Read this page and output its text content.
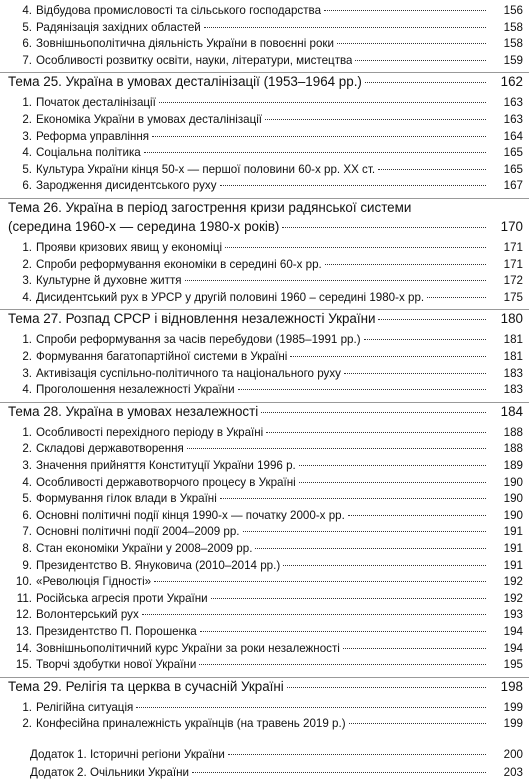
4. Відбудова промисловості та сільського господарства	156
5. Радянізація західних областей	158
6. Зовнішньополітична діяльність України в повоєнні роки	158
7. Особливості розвитку освіти, науки, літератури, мистецтва	159
Тема 25. Україна в умовах десталінізації (1953–1964 рр.)	162
1. Початок десталінізації	163
2. Економіка України в умовах десталінізації	163
3. Реформа управління	164
4. Соціальна політика	165
5. Культура України кінця 50-х — першої половини 60-х рр. ХХ ст.	165
6. Зародження дисидентського руху	167
Тема 26. Україна в період загострення кризи радянської системи
(середина 1960-х — середина 1980-х років)	170
1. Прояви кризових явищ у економіці	171
2. Спроби реформування економіки в середині 60-х рр.	171
3. Культурне й духовне життя	172
4. Дисидентський рух в УРСР у другій половині 1960 – середині 1980-х рр.	175
Тема 27. Розпад СРСР і відновлення незалежності України	180
1. Спроби реформування за часів перебудови (1985–1991 рр.)	181
2. Формування багатопартійної системи в Україні	181
3. Активізація суспільно-політичного та національного руху	183
4. Проголошення незалежності України	183
Тема 28. Україна в умовах незалежності	184
1. Особливості перехідного періоду в Україні	188
2. Складові державотворення	188
3. Значення прийняття Конституції України 1996 р.	189
4. Особливості державотворчого процесу в Україні	190
5. Формування гілок влади в Україні	190
6. Основні політичні події кінця 1990-х — початку 2000-х рр.	190
7. Основні політичні події 2004–2009 рр.	191
8. Стан економіки України у 2008–2009 рр.	191
9. Президентство В. Януковича (2010–2014 рр.)	191
10. «Революція Гідності»	192
11. Російська агресія проти України	192
12. Волонтерський рух	193
13. Президентство П. Порошенка	194
14. Зовнішньополітичний курс України за роки незалежності	194
15. Творчі здобутки нової України	195
Тема 29. Релігія та церква в сучасній Україні	198
1. Релігійна ситуація	199
2. Конфесійна приналежність українців (на травень 2019 р.)	199
Додаток 1. Історичні регіони України	200
Додаток 2. Очільники України	203
